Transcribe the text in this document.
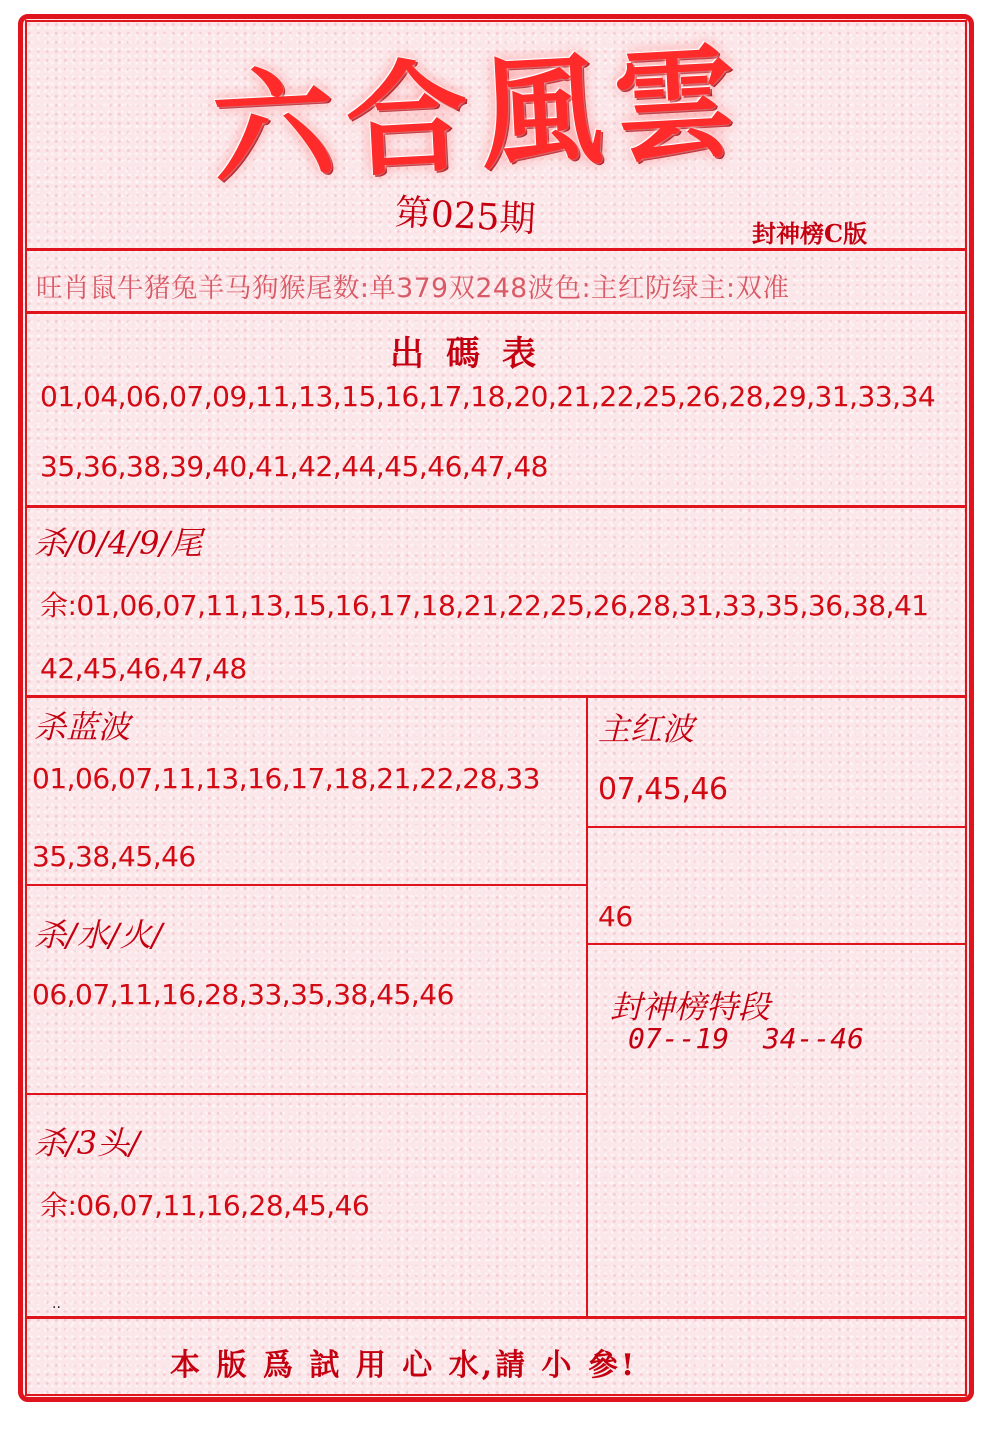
六合風雲
第025期	封神榜C版
旺肖鼠牛猪兔羊马狗猴尾数:单379双248波色:主红防绿主:双准
出碼表
01,04,06,07,09,11,13,15,16,17,18,20,21,22,25,26,28,29,31,33,34
35,36,38,39,40,41,42,44,45,46,47,48
杀/0/4/9/尾
余:01,06,07,11,13,15,16,17,18,21,22,25,26,28,31,33,35,36,38,41
42,45,46,47,48
杀蓝波
01,06,07,11,13,16,17,18,21,22,28,33
35,38,45,46
主红波
07,45,46
46
杀/水/火/
06,07,11,16,28,33,35,38,45,46
杀/3头/
余:06,07,11,16,28,45,46
封神榜特段
07--19  34--46
..
本 版 爲 試 用 心 水,請 小 參!
